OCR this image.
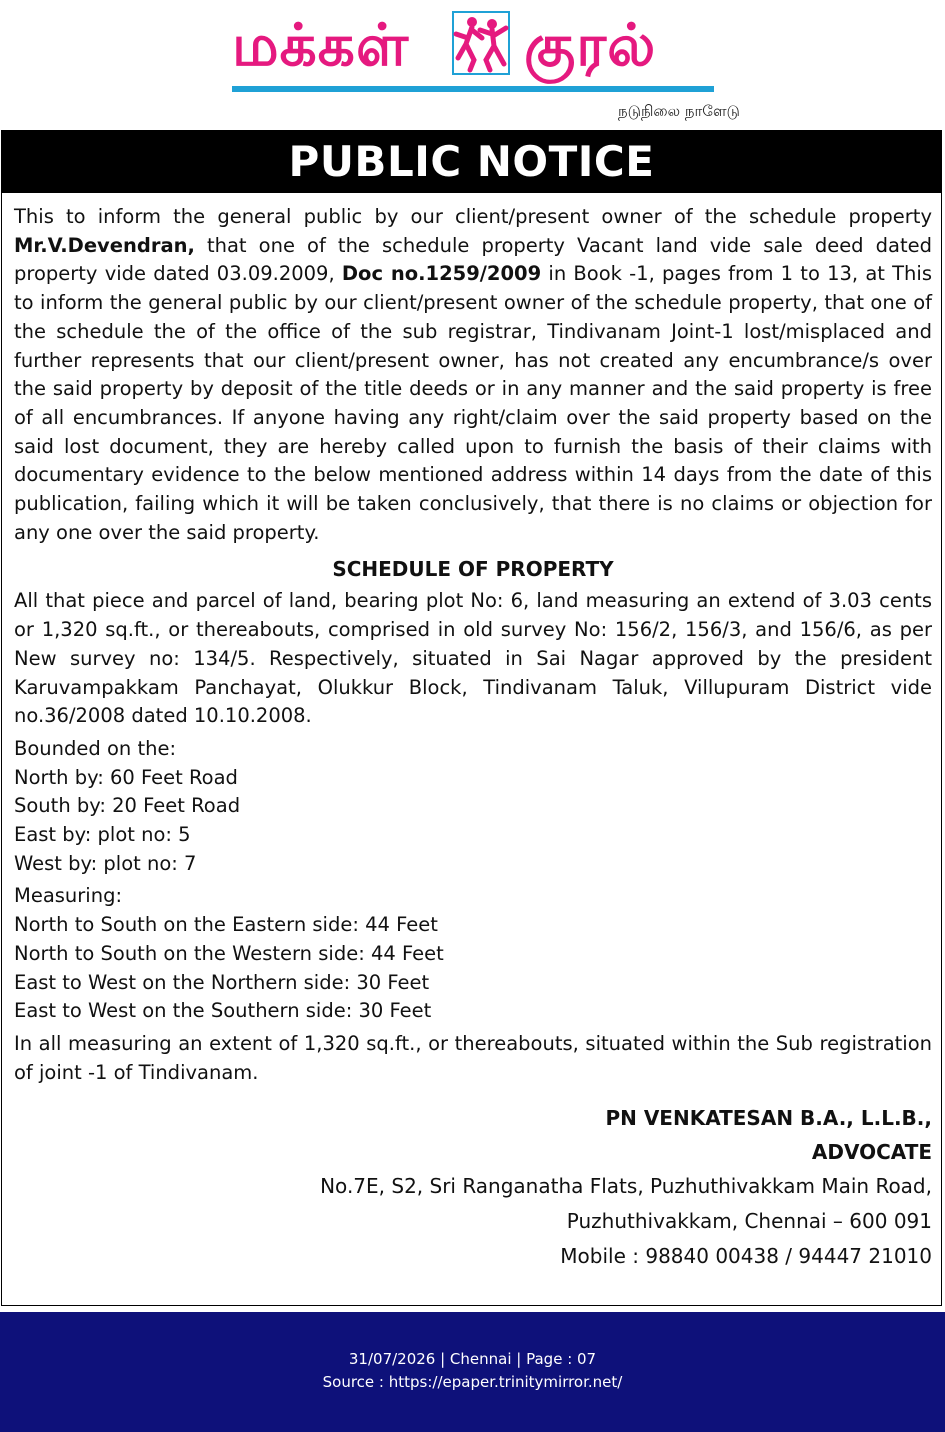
மக்கள் குரல்
நடுநிலை நாளேடு
PUBLIC NOTICE

This to inform the general public by our client/present owner of the schedule property Mr.V.Devendran, that one of the schedule property Vacant land vide sale deed dated property vide dated 03.09.2009, Doc no.1259/2009 in Book -1, pages from 1 to 13, at This to inform the general public by our client/present owner of the schedule property, that one of the schedule the of the office of the sub registrar, Tindivanam Joint-1 lost/misplaced and further represents that our client/present owner, has not created any encumbrance/s over the said property by deposit of the title deeds or in any manner and the said property is free of all encumbrances. If anyone having any right/claim over the said property based on the said lost document, they are hereby called upon to furnish the basis of their claims with documentary evidence to the below mentioned address within 14 days from the date of this publication, failing which it will be taken conclusively, that there is no claims or objection for any one over the said property.

SCHEDULE OF PROPERTY

All that piece and parcel of land, bearing plot No: 6, land measuring an extend of 3.03 cents or 1,320 sq.ft., or thereabouts, comprised in old survey No: 156/2, 156/3, and 156/6, as per New survey no: 134/5. Respectively, situated in Sai Nagar approved by the president Karuvampakkam Panchayat, Olukkur Block, Tindivanam Taluk, Villupuram District vide no.36/2008 dated 10.10.2008.

Bounded on the:
North by: 60 Feet Road
South by: 20 Feet Road
East by: plot no: 5
West by: plot no: 7
Measuring:
North to South on the Eastern side: 44 Feet
North to South on the Western side: 44 Feet
East to West on the Northern side: 30 Feet
East to West on the Southern side: 30 Feet

In all measuring an extent of 1,320 sq.ft., or thereabouts, situated within the Sub registration of joint -1 of Tindivanam.

PN VENKATESAN B.A., L.L.B.,
ADVOCATE
No.7E, S2, Sri Ranganatha Flats, Puzhuthivakkam Main Road,
Puzhuthivakkam, Chennai – 600 091
Mobile : 98840 00438 / 94447 21010
31/07/2026 | Chennai | Page : 07
Source : https://epaper.trinitymirror.net/
